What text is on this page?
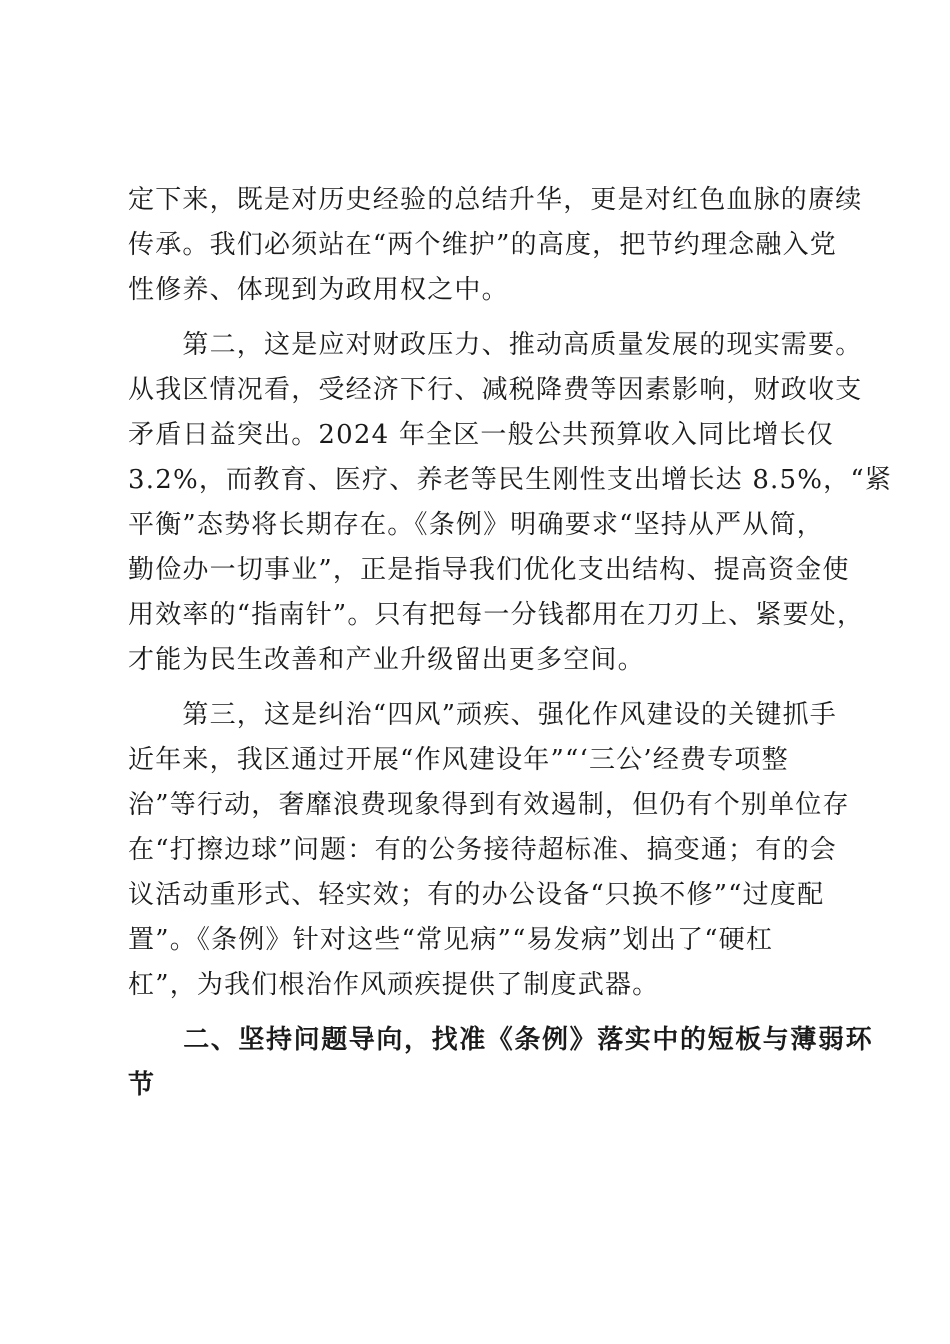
定下来，既是对历史经验的总结升华，更是对红色血脉的赓续
传承。我们必须站在“两个维护”的高度，把节约理念融入党
性修养、体现到为政用权之中。
　　第二，这是应对财政压力、推动高质量发展的现实需要。
从我区情况看，受经济下行、减税降费等因素影响，财政收支
矛盾日益突出。2024 年全区一般公共预算收入同比增长仅
3.2%，而教育、医疗、养老等民生刚性支出增长达 8.5%，“紧
平衡”态势将长期存在。《条例》明确要求“坚持从严从简，
勤俭办一切事业”，正是指导我们优化支出结构、提高资金使
用效率的“指南针”。只有把每一分钱都用在刀刃上、紧要处，
才能为民生改善和产业升级留出更多空间。
　　第三，这是纠治“四风”顽疾、强化作风建设的关键抓手
近年来，我区通过开展“作风建设年”“‘三公’经费专项整
治”等行动，奢靡浪费现象得到有效遏制，但仍有个别单位存
在“打擦边球”问题：有的公务接待超标准、搞变通；有的会
议活动重形式、轻实效；有的办公设备“只换不修”“过度配
置”。《条例》针对这些“常见病”“易发病”划出了“硬杠
杠”，为我们根治作风顽疾提供了制度武器。
　　二、坚持问题导向，找准《条例》落实中的短板与薄弱环
节
